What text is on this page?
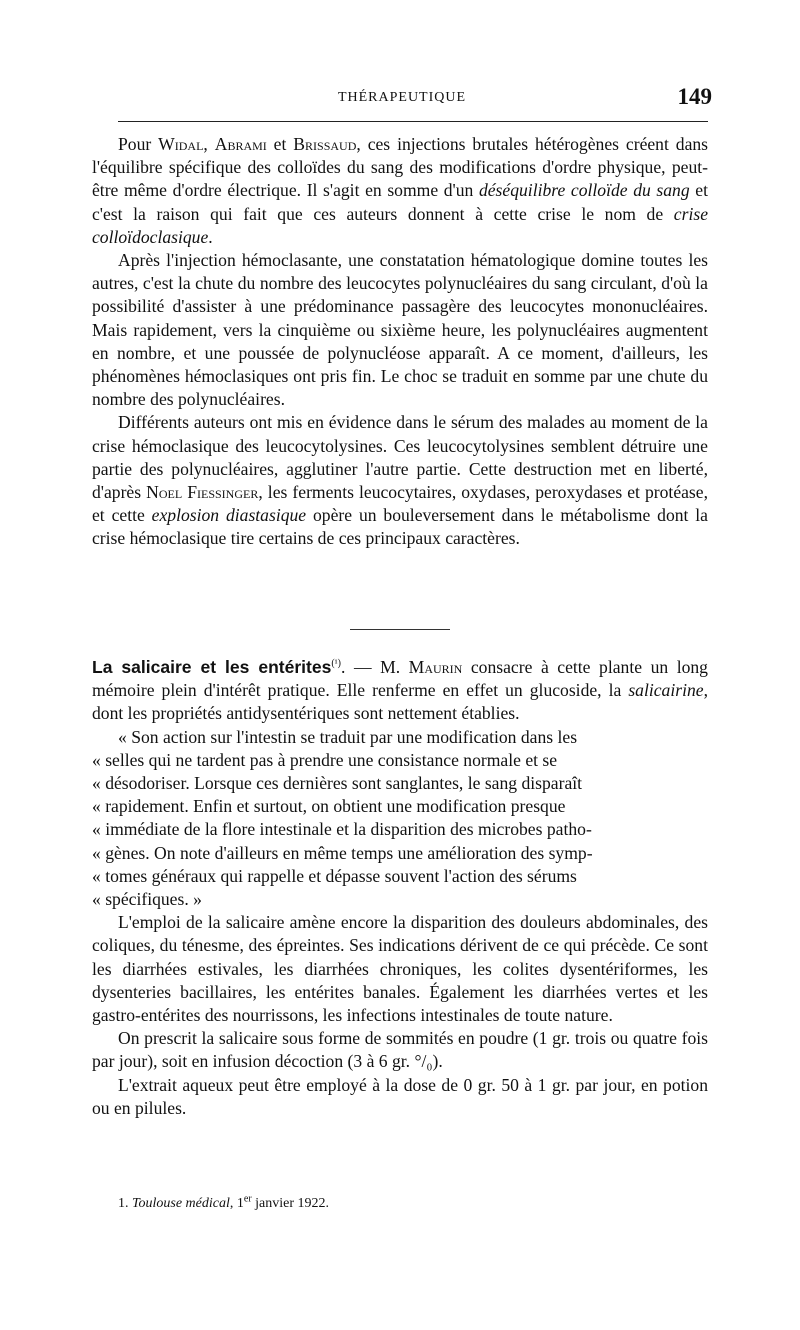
THÉRAPEUTIQUE	149

Pour Widal, Abrami et Brissaud, ces injections brutales hétérogènes créent dans l'équilibre spécifique des colloïdes du sang des modifications d'ordre physique, peut-être même d'ordre électrique. Il s'agit en somme d'un déséquilibre colloïde du sang et c'est la raison qui fait que ces auteurs donnent à cette crise le nom de crise colloïdoclasique.

Après l'injection hémoclasante, une constatation hématologique domine toutes les autres, c'est la chute du nombre des leucocytes polynucléaires du sang circulant, d'où la possibilité d'assister à une prédominance passagère des leucocytes mononucléaires. Mais rapidement, vers la cinquième ou sixième heure, les polynucléaires augmentent en nombre, et une poussée de polynucléose apparaît. A ce moment, d'ailleurs, les phénomènes hémoclasiques ont pris fin. Le choc se traduit en somme par une chute du nombre des polynucléaires.

Différents auteurs ont mis en évidence dans le sérum des malades au moment de la crise hémoclasique des leucocytolysines. Ces leucocytolysines semblent détruire une partie des polynucléaires, agglutiner l'autre partie. Cette destruction met en liberté, d'après Noel Fiessinger, les ferments leucocytaires, oxydases, peroxydases et protéase, et cette explosion diastasique opère un bouleversement dans le métabolisme dont la crise hémoclasique tire certains de ces principaux caractères.

La salicaire et les entérites$^{(^1)}$. — M. Maurin consacre à cette plante un long mémoire plein d'intérêt pratique. Elle renferme en effet un glucoside, la salicairine, dont les propriétés antidysentériques sont nettement établies.

« Son action sur l'intestin se traduit par une modification dans les

« selles qui ne tardent pas à prendre une consistance normale et se

« désodoriser. Lorsque ces dernières sont sanglantes, le sang disparaît

« rapidement. Enfin et surtout, on obtient une modification presque

« immédiate de la flore intestinale et la disparition des microbes patho-

« gènes. On note d'ailleurs en même temps une amélioration des symp-

« tomes généraux qui rappelle et dépasse souvent l'action des sérums

« spécifiques. »

L'emploi de la salicaire amène encore la disparition des douleurs abdominales, des coliques, du ténesme, des épreintes. Ses indications dérivent de ce qui précède. Ce sont les diarrhées estivales, les diarrhées chroniques, les colites dysentériformes, les dysenteries bacillaires, les entérites banales. Également les diarrhées vertes et les gastro-entérites des nourrissons, les infections intestinales de toute nature.

On prescrit la salicaire sous forme de sommités en poudre (1 gr. trois ou quatre fois par jour), soit en infusion décoction (3 à 6 gr. °/₀).

L'extrait aqueux peut être employé à la dose de 0 gr. 50 à 1 gr. par jour, en potion ou en pilules.

1. Toulouse médical, 1er janvier 1922.
